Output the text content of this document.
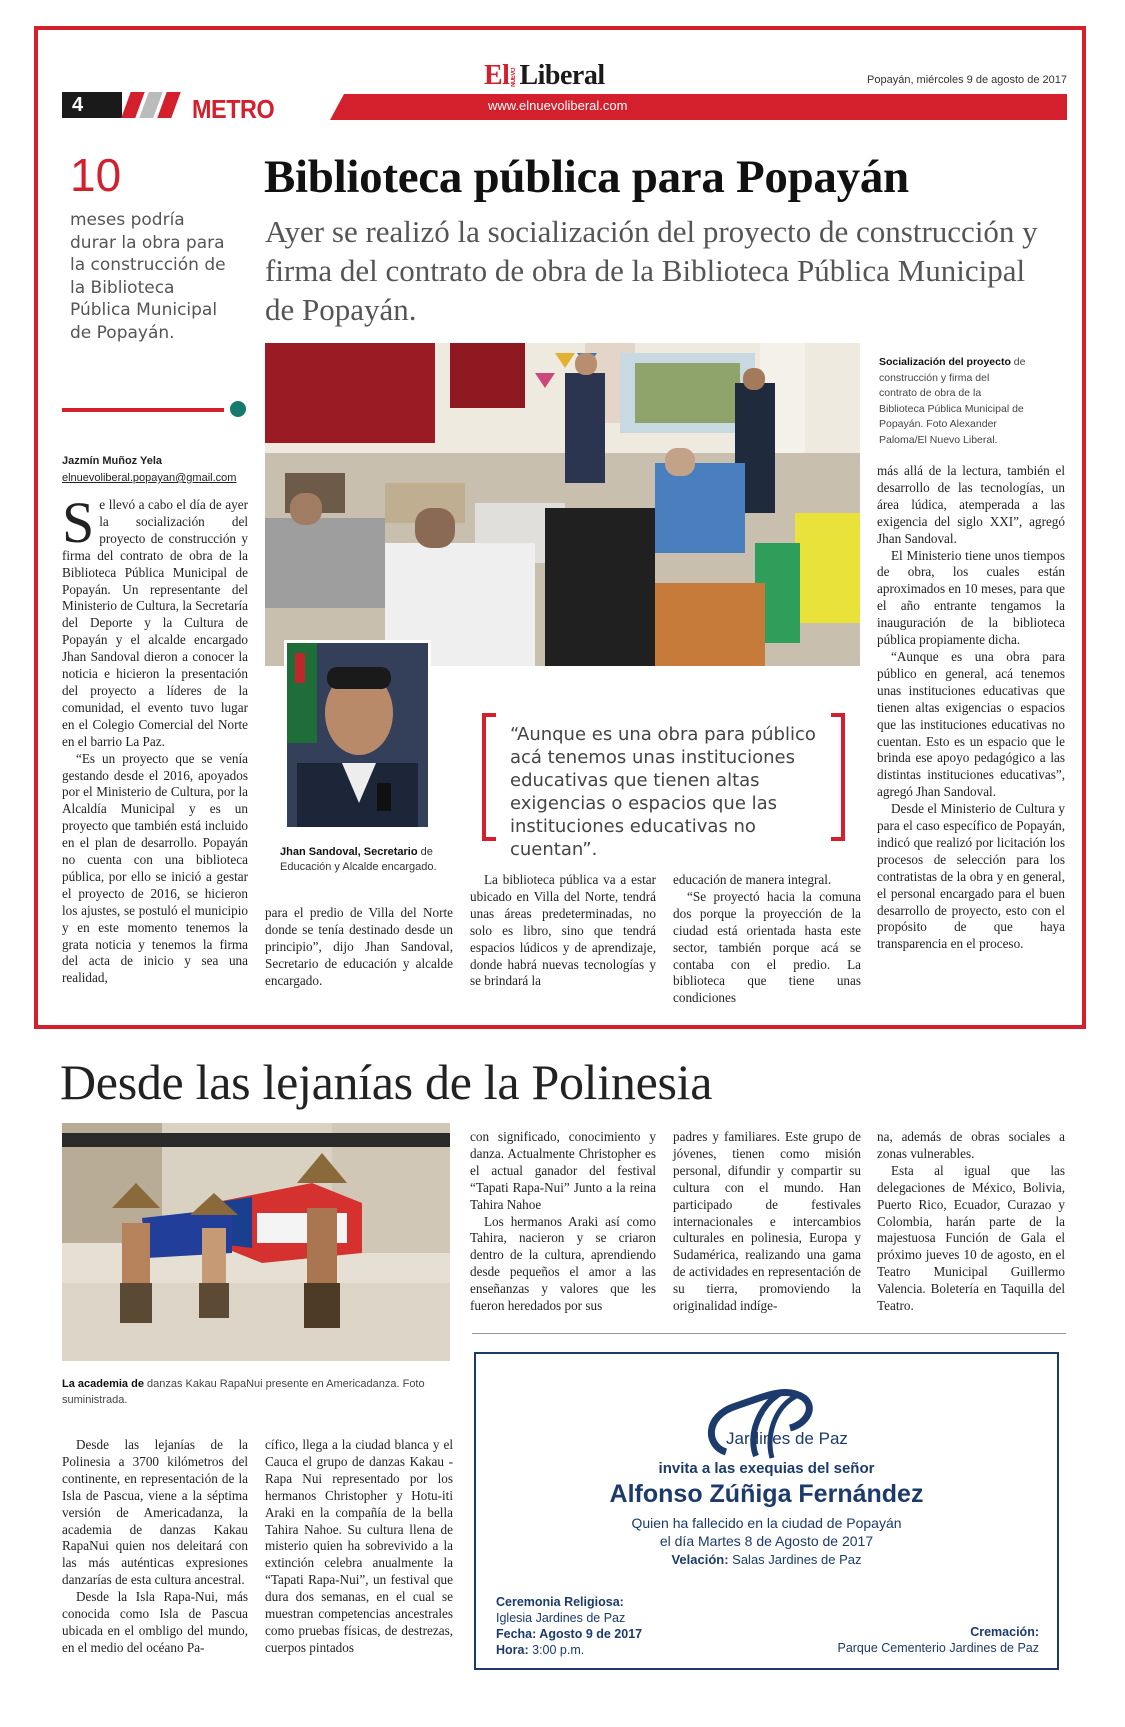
El NUEVOLiberal	Popayán, miércoles 9 de agosto de 2017
www.elnuevoliberal.com
4	METRO
10
meses podría durar la obra para la construcción de la Biblioteca Pública Municipal de Popayán.
Biblioteca pública para Popayán
Ayer se realizó la socialización del proyecto de construcción y firma del contrato de obra de la Biblioteca Pública Municipal de Popayán.
Jhan Sandoval, Secretario de Educación y Alcalde encargado.
Socialización del proyecto de construcción y firma del contrato de obra de la Biblioteca Pública Municipal de Popayán. Foto Alexander Paloma/El Nuevo Liberal.
“Aunque es una obra para público acá tenemos unas instituciones educativas que tienen altas exigencias o espacios que las instituciones educativas no cuentan”.
Jazmín Muñoz Yela
elnuevoliberal.popayan@gmail.com

Se llevó a cabo el día de ayer la socialización del proyecto de construcción y firma del contrato de obra de la Biblioteca Pública Municipal de Popayán. Un representante del Ministerio de Cultura, la Secretaría del Deporte y la Cultura de Popayán y el alcalde encargado Jhan Sandoval dieron a conocer la noticia e hicieron la presentación del proyecto a líderes de la comunidad, el evento tuvo lugar en el Colegio Comercial del Norte en el barrio La Paz.

“Es un proyecto que se venía gestando desde el 2016, apoyados por el Ministerio de Cultura, por la Alcaldía Municipal y es un proyecto que también está incluido en el plan de desarrollo. Popayán no cuenta con una biblioteca pública, por ello se inició a gestar el proyecto de 2016, se hicieron los ajustes, se postuló el municipio y en este momento tenemos la grata noticia y tenemos la firma del acta de inicio y sea una realidad,

para el predio de Villa del Norte donde se tenía destinado desde un principio”, dijo Jhan Sandoval, Secretario de educación y alcalde encargado.

La biblioteca pública va a estar ubicado en Villa del Norte, tendrá unas áreas predeterminadas, no solo es libro, sino que tendrá espacios lúdicos y de aprendizaje, donde habrá nuevas tecnologías y se brindará la

educación de manera integral.

“Se proyectó hacia la comuna dos porque la proyección de la ciudad está orientada hasta este sector, también porque acá se contaba con el predio. La biblioteca que tiene unas condiciones

más allá de la lectura, también el desarrollo de las tecnologías, un área lúdica, atemperada a las exigencia del siglo XXI”, agregó Jhan Sandoval.

El Ministerio tiene unos tiempos de obra, los cuales están aproximados en 10 meses, para que el año entrante tengamos la inauguración de la biblioteca pública propiamente dicha.

“Aunque es una obra para público en general, acá tenemos unas instituciones educativas que tienen altas exigencias o espacios que las instituciones educativas no cuentan. Esto es un espacio que le brinda ese apoyo pedagógico a las distintas instituciones educativas”, agregó Jhan Sandoval.

Desde el Ministerio de Cultura y para el caso específico de Popayán, indicó que realizó por licitación los procesos de selección para los contratistas de la obra y en general, el personal encargado para el buen desarrollo de proyecto, esto con el propósito de que haya transparencia en el proceso.

Desde las lejanías de la Polinesia
La academia de danzas Kakau RapaNui presente en Americadanza. Foto suministrada.

Desde las lejanías de la Polinesia a 3700 kilómetros del continente, en representación de la Isla de Pascua, viene a la séptima versión de Americadanza, la academia de danzas Kakau RapaNui quien nos deleitará con las más auténticas expresiones danzarías de esta cultura ancestral.

Desde la Isla Rapa-Nui, más conocida como Isla de Pascua ubicada en el ombligo del mundo, en el medio del océano Pa-

cífico, llega a la ciudad blanca y el Cauca el grupo de danzas Kakau - Rapa Nui representado por los hermanos Christopher y Hotu-iti Araki en la compañía de la bella Tahira Nahoe. Su cultura llena de misterio quien ha sobrevivido a la extinción celebra anualmente la “Tapati Rapa-Nui”, un festival que dura dos semanas, en el cual se muestran competencias ancestrales como pruebas físicas, de destrezas, cuerpos pintados

con significado, conocimiento y danza. Actualmente Christopher es el actual ganador del festival “Tapati Rapa-Nui” Junto a la reina Tahira Nahoe

Los hermanos Araki así como Tahira, nacieron y se criaron dentro de la cultura, aprendiendo desde pequeños el amor a las enseñanzas y valores que les fueron heredados por sus

padres y familiares. Este grupo de jóvenes, tienen como misión personal, difundir y compartir su cultura con el mundo. Han participado de festivales internacionales e intercambios culturales en polinesia, Europa y Sudamérica, realizando una gama de actividades en representación de su tierra, promoviendo la originalidad indíge-

na, además de obras sociales a zonas vulnerables.

Esta al igual que las delegaciones de México, Bolivia, Puerto Rico, Ecuador, Curazao y Colombia, harán parte de la majestuosa Función de Gala el próximo jueves 10 de agosto, en el Teatro Municipal Guillermo Valencia. Boletería en Taquilla del Teatro.

Jardines de Paz
invita a las exequias del señor
Alfonso Zúñiga Fernández
Quien ha fallecido en la ciudad de Popayán
el día Martes 8 de Agosto de 2017
Velación: Salas Jardines de Paz
Ceremonia Religiosa:
Iglesia Jardines de Paz
Fecha: Agosto 9 de 2017
Hora: 3:00 p.m.
Cremación:
Parque Cementerio Jardines de Paz
